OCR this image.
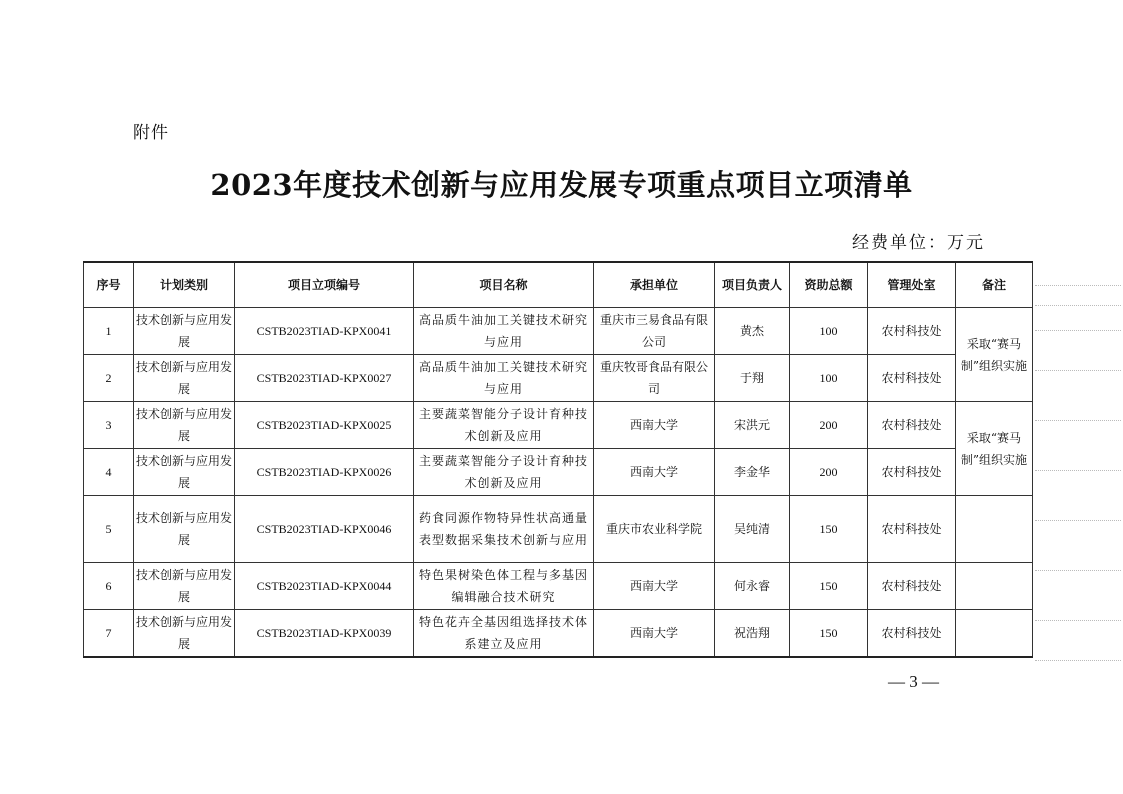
附件
2023年度技术创新与应用发展专项重点项目立项清单
经费单位：万元
序号	计划类别	项目立项编号	项目名称	承担单位	项目负责人	资助总额	管理处室	备注
1	技术创新与应用发展	CSTB2023TIAD-KPX0041	高品质牛油加工关键技术研究与应用	重庆市三易食品有限公司	黄杰	100	农村科技处	采取“赛马制”组织实施
2	技术创新与应用发展	CSTB2023TIAD-KPX0027	高品质牛油加工关键技术研究与应用	重庆牧哥食品有限公司	于翔	100	农村科技处	
3	技术创新与应用发展	CSTB2023TIAD-KPX0025	主要蔬菜智能分子设计育种技术创新及应用	西南大学	宋洪元	200	农村科技处	采取“赛马制”组织实施
4	技术创新与应用发展	CSTB2023TIAD-KPX0026	主要蔬菜智能分子设计育种技术创新及应用	西南大学	李金华	200	农村科技处	
5	技术创新与应用发展	CSTB2023TIAD-KPX0046	药食同源作物特异性状高通量表型数据采集技术创新与应用	重庆市农业科学院	吴纯清	150	农村科技处	
6	技术创新与应用发展	CSTB2023TIAD-KPX0044	特色果树染色体工程与多基因编辑融合技术研究	西南大学	何永睿	150	农村科技处	
7	技术创新与应用发展	CSTB2023TIAD-KPX0039	特色花卉全基因组选择技术体系建立及应用	西南大学	祝浩翔	150	农村科技处	
— 3 —
